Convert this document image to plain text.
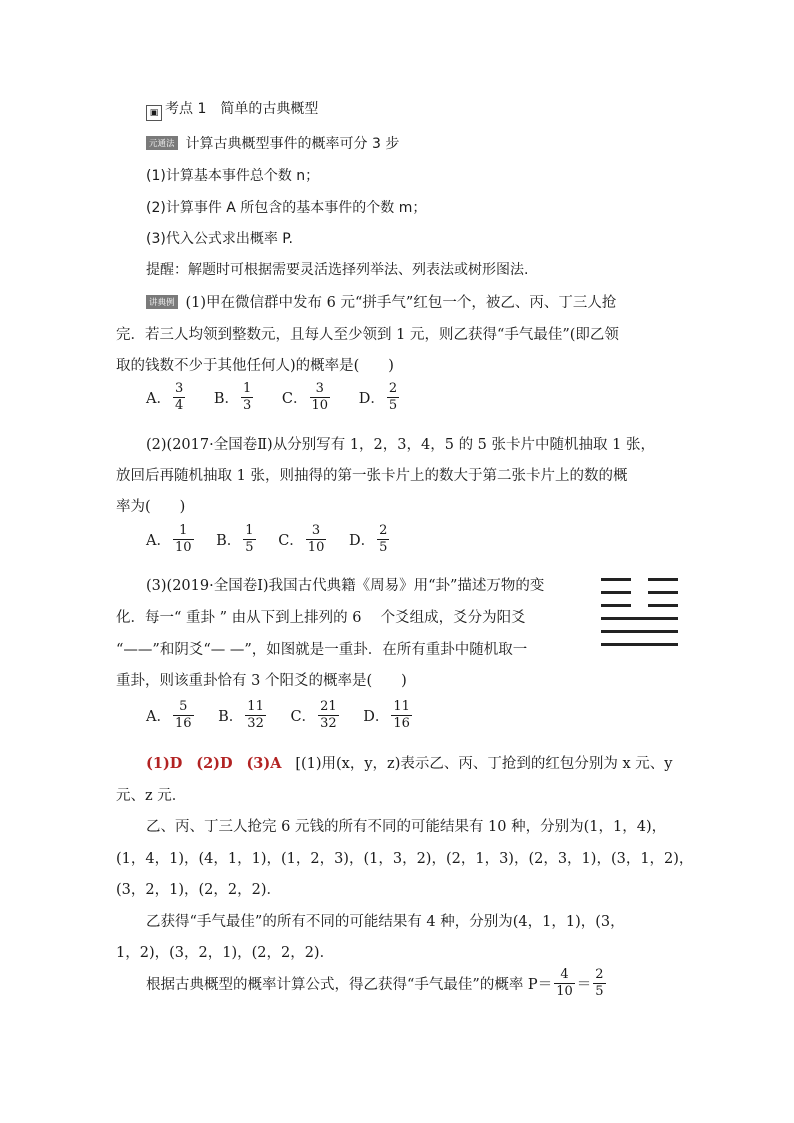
▣ 考点 1　简单的古典概型
元通法 计算古典概型事件的概率可分 3 步
(1)计算基本事件总个数 n；
(2)计算事件 A 所包含的基本事件的个数 m；
(3)代入公式求出概率 P.
提醒：解题时可根据需要灵活选择列举法、列表法或树形图法.
讲典例 (1)甲在微信群中发布 6 元“拼手气”红包一个，被乙、丙、丁三人抢
完．若三人均领到整数元，且每人至少领到 1 元，则乙获得“手气最佳”(即乙领
取的钱数不少于其他任何人)的概率是(　　)
A． $\frac{3}{4}$
B． $\frac{1}{3}$
C． $\frac{3}{10}$
D． $\frac{2}{5}$
(2)(2017·全国卷Ⅱ)从分别写有 1，2，3，4，5 的 5 张卡片中随机抽取 1 张，
放回后再随机抽取 1 张，则抽得的第一张卡片上的数大于第二张卡片上的数的概
率为(　　)
A． $\frac{1}{10}$
B． $\frac{1}{5}$
C． $\frac{3}{10}$
D． $\frac{2}{5}$
(3)(2019·全国卷Ⅰ)我国古代典籍《周易》用“卦”描述万物的变
化．每一“ 重卦 ” 由从下到上排列的 6 　个爻组成，爻分为阳爻
“——”和阴爻“— —”，如图就是一重卦．在所有重卦中随机取一
重卦，则该重卦恰有 3 个阳爻的概率是(　　)
A． $\frac{5}{16}$
B． $\frac{11}{32}$
C． $\frac{21}{32}$
D． $\frac{11}{16}$
(1)D (2)D (3)A [(1)用(x，y，z)表示乙、丙、丁抢到的红包分别为 x 元、y
元、z 元．
乙、丙、丁三人抢完 6 元钱的所有不同的可能结果有 10 种，分别为(1，1，4)，
(1，4，1)，(4，1，1)，(1，2，3)，(1，3，2)，(2，1，3)，(2，3，1)，(3，1，2)，
(3，2，1)，(2，2，2)．
乙获得“手气最佳”的所有不同的可能结果有 4 种，分别为(4，1，1)，(3，
1，2)，(3，2，1)，(2，2，2)．
根据古典概型的概率计算公式，得乙获得“手气最佳”的概率 $P= \frac{4}{10} = \frac{2}{5}$
